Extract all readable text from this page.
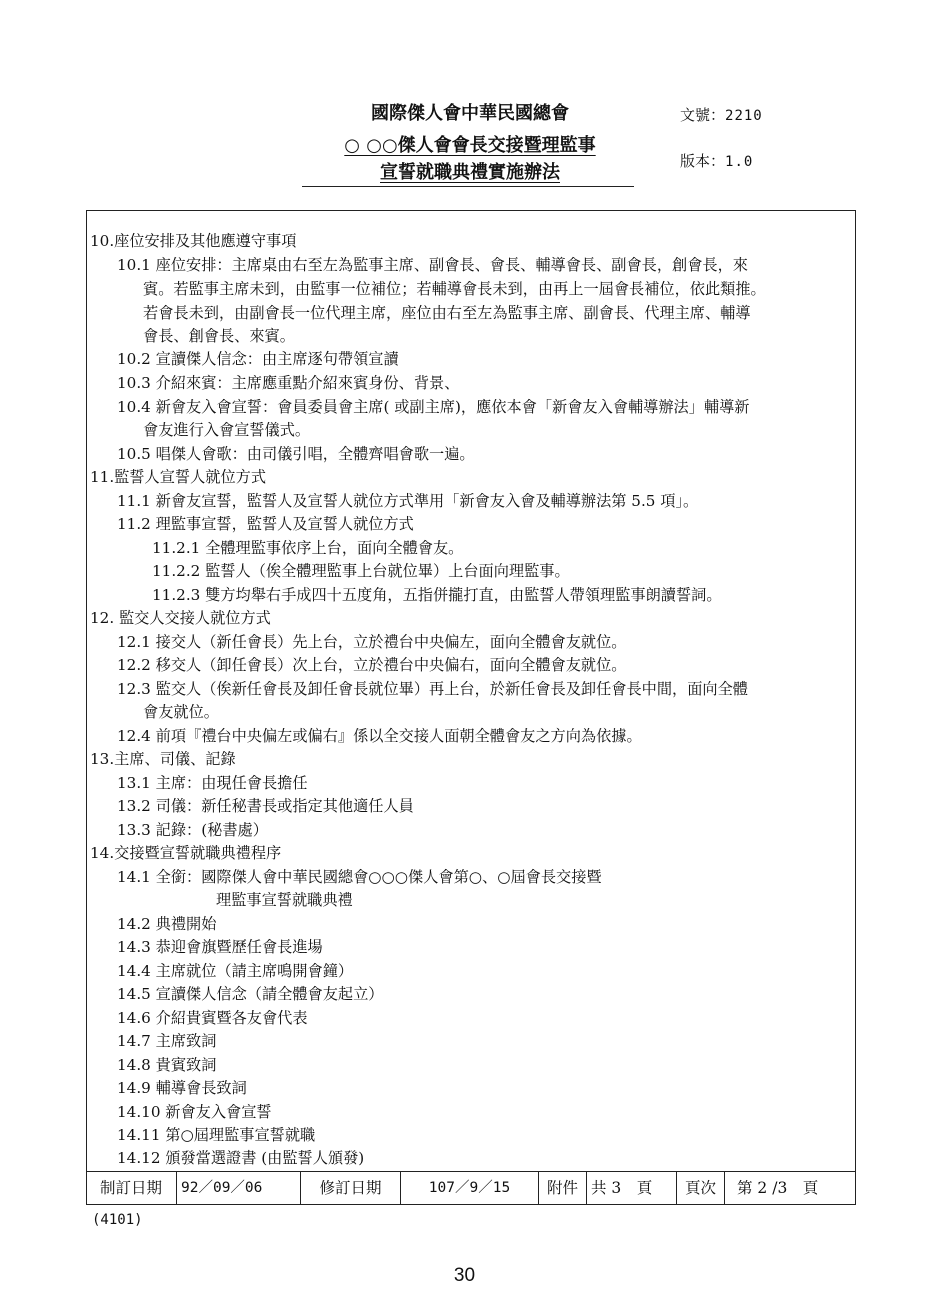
國際傑人會中華民國總會
○ ○○傑人會會長交接暨理監事
宣誓就職典禮實施辦法
文號：2210
版本：1.0
10.座位安排及其他應遵守事項
10.1 座位安排：主席桌由右至左為監事主席、副會長、會長、輔導會長、副會長，創會長，來
賓。若監事主席未到，由監事一位補位；若輔導會長未到，由再上一屆會長補位，依此類推。
若會長未到，由副會長一位代理主席，座位由右至左為監事主席、副會長、代理主席、輔導
會長、創會長、來賓。
10.2 宣讀傑人信念：由主席逐句帶領宣讀
10.3 介紹來賓：主席應重點介紹來賓身份、背景、
10.4 新會友入會宣誓：會員委員會主席( 或副主席)，應依本會「新會友入會輔導辦法」輔導新
會友進行入會宣誓儀式。
10.5 唱傑人會歌：由司儀引唱，全體齊唱會歌一遍。
11.監誓人宣誓人就位方式
11.1 新會友宣誓，監誓人及宣誓人就位方式準用「新會友入會及輔導辦法第 5.5 項」。
11.2 理監事宣誓，監誓人及宣誓人就位方式
11.2.1 全體理監事依序上台，面向全體會友。
11.2.2 監誓人（俟全體理監事上台就位畢）上台面向理監事。
11.2.3 雙方均舉右手成四十五度角，五指併攏打直，由監誓人帶領理監事朗讀誓詞。
12. 監交人交接人就位方式
12.1 接交人（新任會長）先上台，立於禮台中央偏左，面向全體會友就位。
12.2 移交人（卸任會長）次上台，立於禮台中央偏右，面向全體會友就位。
12.3 監交人（俟新任會長及卸任會長就位畢）再上台，於新任會長及卸任會長中間，面向全體
會友就位。
12.4 前項『禮台中央偏左或偏右』係以全交接人面朝全體會友之方向為依據。
13.主席、司儀、記錄
13.1 主席：由現任會長擔任
13.2 司儀：新任秘書長或指定其他適任人員
13.3 記錄：(秘書處）
14.交接暨宣誓就職典禮程序
14.1 全銜：國際傑人會中華民國總會○○○傑人會第○、○屆會長交接暨
理監事宣誓就職典禮
14.2 典禮開始
14.3 恭迎會旗暨歷任會長進場
14.4 主席就位（請主席鳴開會鐘）
14.5 宣讀傑人信念（請全體會友起立）
14.6 介紹貴賓暨各友會代表
14.7 主席致詞
14.8 貴賓致詞
14.9 輔導會長致詞
14.10 新會友入會宣誓
14.11 第○屆理監事宣誓就職
14.12 頒發當選證書 (由監誓人頒發)
制訂日期	92／09／06	修訂日期	107／9／15	附件 共 3　頁	頁次	第 2 /3　頁
(4101)
30
